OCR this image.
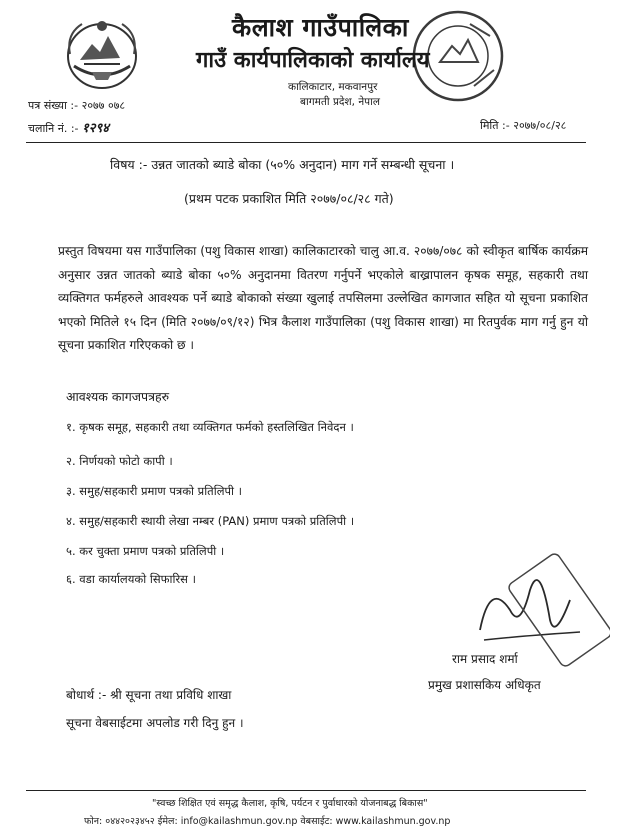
कैलाश गाउँपालिका
गाउँ कार्यपालिकाको कार्यालय
कालिकाटार, मकवानपुर
बागमती प्रदेश, नेपाल
पत्र संख्या :- २०७७ ०७८
चलानि नं. :- १२९४	मिति :- २०७७/०८/२८
विषय :- उन्नत जातको ब्याडे बोका (५०% अनुदान) माग गर्ने सम्बन्धी सूचना ।
(प्रथम पटक प्रकाशित मिति २०७७/०८/२८ गते)
प्रस्तुत विषयमा यस गाउँपालिका (पशु विकास शाखा) कालिकाटारको चालु आ.व. २०७७/०७८ को स्वीकृत बार्षिक कार्यक्रम अनुसार उन्नत जातको ब्याडे बोका ५०% अनुदानमा वितरण गर्नुपर्ने भएकोले बाख्रापालन कृषक समूह, सहकारी तथा व्यक्तिगत फर्महरुले आवश्यक पर्ने ब्याडे बोकाको संख्या खुलाई तपसिलमा उल्लेखित कागजात सहित यो सूचना प्रकाशित भएको मितिले १५ दिन (मिति २०७७/०९/१२) भित्र कैलाश गाउँपालिका (पशु विकास शाखा) मा रितपुर्वक माग गर्नु हुन यो सूचना प्रकाशित गरिएकको छ ।
आवश्यक कागजपत्रहरु
१. कृषक समूह, सहकारी तथा व्यक्तिगत फर्मको हस्तलिखित निवेदन ।
२. निर्णयको फोटो कापी ।
३. समुह/सहकारी प्रमाण पत्रको प्रतिलिपी ।
४. समुह/सहकारी स्थायी लेखा नम्बर (PAN) प्रमाण पत्रको प्रतिलिपी ।
५. कर चुक्ता प्रमाण पत्रको प्रतिलिपी ।
६. वडा कार्यालयको सिफारिस ।
राम प्रसाद शर्मा
प्रमुख प्रशासकिय अधिकृत
बोधार्थ :- श्री सूचना तथा प्रविधि शाखा
सूचना वेबसाईटमा अपलोड गरी दिनु हुन ।
"स्वच्छ शिक्षित एवं समृद्ध कैलाश, कृषि, पर्यटन र पुर्वाधारको योजनाबद्ध बिकास"
फोन: ०४४२०२३४५२ ईमेल: info@kailashmun.gov.np वेबसाईट: www.kailashmun.gov.np
